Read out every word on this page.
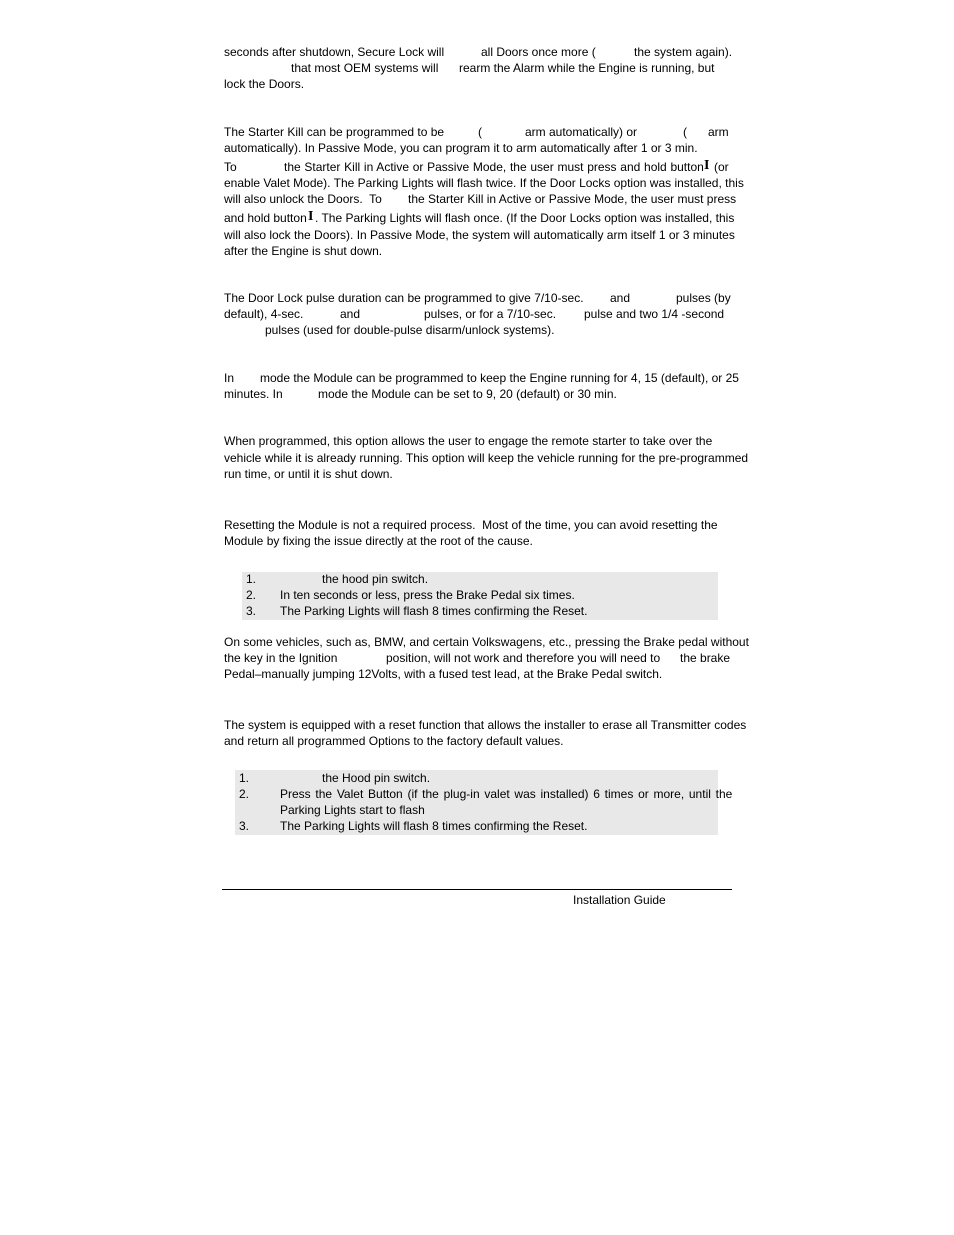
seconds after shutdown, Secure Lock will	all Doors once more (	the system again).
that most OEM systems will rearm the Alarm while the Engine is running, but
lock the Doors.
The Starter Kill can be programmed to be	(	arm automatically) or	( arm
automatically). In Passive Mode, you can program it to arm automatically after 1 or 3 min.
To	the Starter Kill in Active or Passive Mode, the user must press and hold button I (or
enable Valet Mode). The Parking Lights will flash twice. If the Door Locks option was installed, this
will also unlock the Doors.  To the Starter Kill in Active or Passive Mode, the user must press
and hold button I . The Parking Lights will flash once. (If the Door Locks option was installed, this
will also lock the Doors). In Passive Mode, the system will automatically arm itself 1 or 3 minutes
after the Engine is shut down.
The Door Lock pulse duration can be programmed to give 7/10-sec. and	pulses (by
default), 4-sec.	and	pulses, or for a 7/10-sec. pulse and two 1/4 -second
pulses (used for double-pulse disarm/unlock systems).
In mode the Module can be programmed to keep the Engine running for 4, 15 (default), or 25
minutes. In	mode the Module can be set to 9, 20 (default) or 30 min.
When programmed, this option allows the user to engage the remote starter to take over the
vehicle while it is already running. This option will keep the vehicle running for the pre-programmed
run time, or until it is shut down.
Resetting the Module is not a required process.  Most of the time, you can avoid resetting the
Module by fixing the issue directly at the root of the cause.
1.	the hood pin switch.
2. In ten seconds or less, press the Brake Pedal six times.
3. The Parking Lights will flash 8 times confirming the Reset.
On some vehicles, such as, BMW, and certain Volkswagens, etc., pressing the Brake pedal without
the key in the Ignition	position, will not work and therefore you will need to the brake
Pedal–manually jumping 12Volts, with a fused test lead, at the Brake Pedal switch.
The system is equipped with a reset function that allows the installer to erase all Transmitter codes
and return all programmed Options to the factory default values.
1.	the Hood pin switch.
2.	Press the Valet Button (if the plug-in valet was installed) 6 times or more, until the
Parking Lights start to flash
3.	The Parking Lights will flash 8 times confirming the Reset.
Installation Guide
